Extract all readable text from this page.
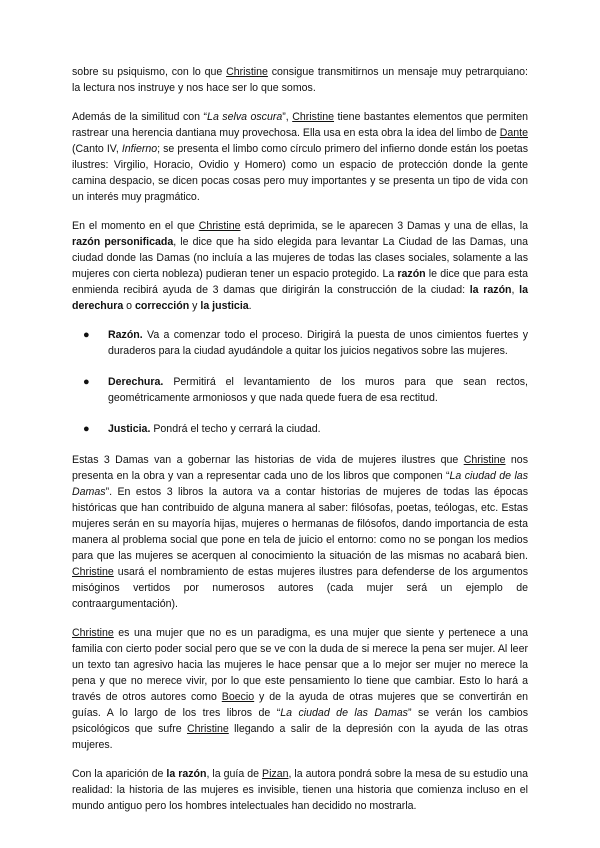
sobre su psiquismo, con lo que Christine consigue transmitirnos un mensaje muy petrarquiano: la lectura nos instruye y nos hace ser lo que somos.

Además de la similitud con “La selva oscura”, Christine tiene bastantes elementos que permiten rastrear una herencia dantiana muy provechosa. Ella usa en esta obra la idea del limbo de Dante (Canto IV, Infierno; se presenta el limbo como círculo primero del infierno donde están los poetas ilustres: Virgilio, Horacio, Ovidio y Homero) como un espacio de protección donde la gente camina despacio, se dicen pocas cosas pero muy importantes y se presenta un tipo de vida con un interés muy pragmático.

En el momento en el que Christine está deprimida, se le aparecen 3 Damas y una de ellas, la razón personificada, le dice que ha sido elegida para levantar La Ciudad de las Damas, una ciudad donde las Damas (no incluía a las mujeres de todas las clases sociales, solamente a las mujeres con cierta nobleza) pudieran tener un espacio protegido. La razón le dice que para esta enmienda recibirá ayuda de 3 damas que dirigirán la construcción de la ciudad: la razón, la derechura o corrección y la justicia.

● Razón. Va a comenzar todo el proceso. Dirigirá la puesta de unos cimientos fuertes y duraderos para la ciudad ayudándole a quitar los juicios negativos sobre las mujeres.
● Derechura. Permitirá el levantamiento de los muros para que sean rectos, geométricamente armoniosos y que nada quede fuera de esa rectitud.
● Justicia. Pondrá el techo y cerrará la ciudad.

Estas 3 Damas van a gobernar las historias de vida de mujeres ilustres que Christine nos presenta en la obra y van a representar cada uno de los libros que componen “La ciudad de las Damas”. En estos 3 libros la autora va a contar historias de mujeres de todas las épocas históricas que han contribuido de alguna manera al saber: filósofas, poetas, teólogas, etc. Estas mujeres serán en su mayoría hijas, mujeres o hermanas de filósofos, dando importancia de esta manera al problema social que pone en tela de juicio el entorno: como no se pongan los medios para que las mujeres se acerquen al conocimiento la situación de las mismas no acabará bien. Christine usará el nombramiento de estas mujeres ilustres para defenderse de los argumentos misóginos vertidos por numerosos autores (cada mujer será un ejemplo de contraargumentación).

Christine es una mujer que no es un paradigma, es una mujer que siente y pertenece a una familia con cierto poder social pero que se ve con la duda de si merece la pena ser mujer. Al leer un texto tan agresivo hacia las mujeres le hace pensar que a lo mejor ser mujer no merece la pena y que no merece vivir, por lo que este pensamiento lo tiene que cambiar. Esto lo hará a través de otros autores como Boecio y de la ayuda de otras mujeres que se convertirán en guías. A lo largo de los tres libros de “La ciudad de las Damas” se verán los cambios psicológicos que sufre Christine llegando a salir de la depresión con la ayuda de las otras mujeres.

Con la aparición de la razón, la guía de Pizan, la autora pondrá sobre la mesa de su estudio una realidad: la historia de las mujeres es invisible, tienen una historia que comienza incluso en el mundo antiguo pero los hombres intelectuales han decidido no mostrarla.
